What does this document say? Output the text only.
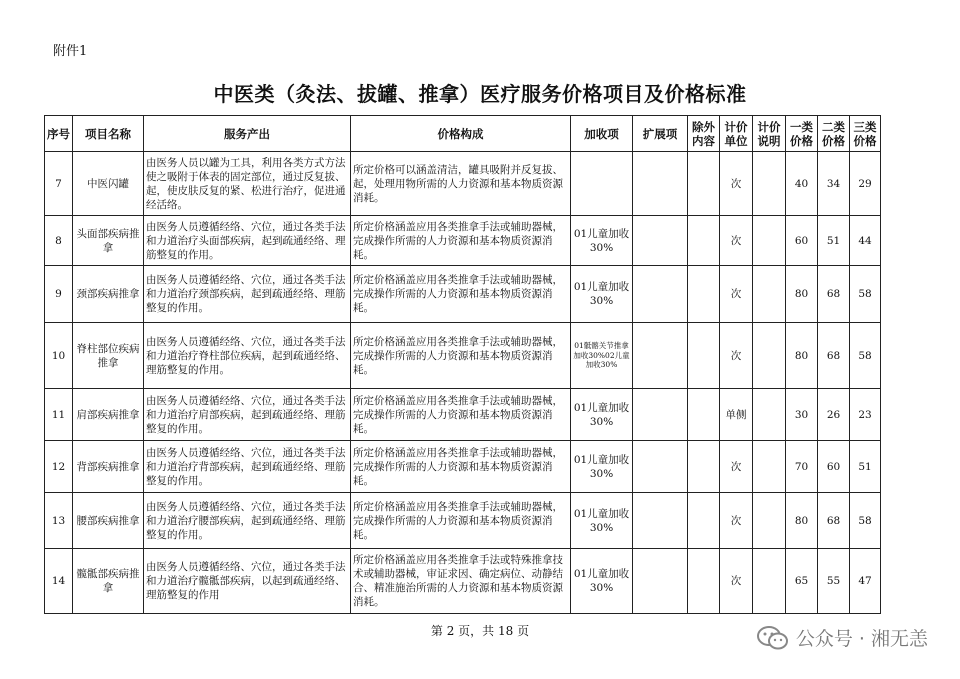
附件1
中医类（灸法、拔罐、推拿）医疗服务价格项目及价格标准
序号	项目名称	服务产出	价格构成	加收项	扩展项	除外内容	计价单位	计价说明	一类价格	二类价格	三类价格
7	中医闪罐	由医务人员以罐为工具，利用各类方式方法使之吸附于体表的固定部位，通过反复拔、起，使皮肤反复的紧、松进行治疗，促进通经活络。	所定价格可以涵盖清洁，罐具吸附并反复拔、起，处理用物所需的人力资源和基本物质资源消耗。				次		40	34	29
8	头面部疾病推拿	由医务人员遵循经络、穴位，通过各类手法和力道治疗头面部疾病，起到疏通经络、理筋整复的作用。	所定价格涵盖应用各类推拿手法或辅助器械，完成操作所需的人力资源和基本物质资源消耗。	01儿童加收30%			次		60	51	44
9	颈部疾病推拿	由医务人员遵循经络、穴位，通过各类手法和力道治疗颈部疾病，起到疏通经络、理筋整复的作用。	所定价格涵盖应用各类推拿手法或辅助器械，完成操作所需的人力资源和基本物质资源消耗。	01儿童加收30%			次		80	68	58
10	脊柱部位疾病推拿	由医务人员遵循经络、穴位，通过各类手法和力道治疗脊柱部位疾病，起到疏通经络、理筋整复的作用。	所定价格涵盖应用各类推拿手法或辅助器械，完成操作所需的人力资源和基本物质资源消耗。	01骶髂关节推拿加收30%02儿童加收30%			次		80	68	58
11	肩部疾病推拿	由医务人员遵循经络、穴位，通过各类手法和力道治疗肩部疾病，起到疏通经络、理筋整复的作用。	所定价格涵盖应用各类推拿手法或辅助器械，完成操作所需的人力资源和基本物质资源消耗。	01儿童加收30%			单侧		30	26	23
12	背部疾病推拿	由医务人员遵循经络、穴位，通过各类手法和力道治疗背部疾病，起到疏通经络、理筋整复的作用。	所定价格涵盖应用各类推拿手法或辅助器械，完成操作所需的人力资源和基本物质资源消耗。	01儿童加收30%			次		70	60	51
13	腰部疾病推拿	由医务人员遵循经络、穴位，通过各类手法和力道治疗腰部疾病，起到疏通经络、理筋整复的作用。	所定价格涵盖应用各类推拿手法或辅助器械，完成操作所需的人力资源和基本物质资源消耗。	01儿童加收30%			次		80	68	58
14	髋骶部疾病推拿	由医务人员遵循经络、穴位，通过各类手法和力道治疗髋骶部疾病，以起到疏通经络、理筋整复的作用	所定价格涵盖应用各类推拿手法或特殊推拿技术或辅助器械，审证求因、确定病位、动静结合、精准施治所需的人力资源和基本物质资源消耗。	01儿童加收30%			次		65	55	47
第 2 页，共 18 页	公众号 · 湘无恙
